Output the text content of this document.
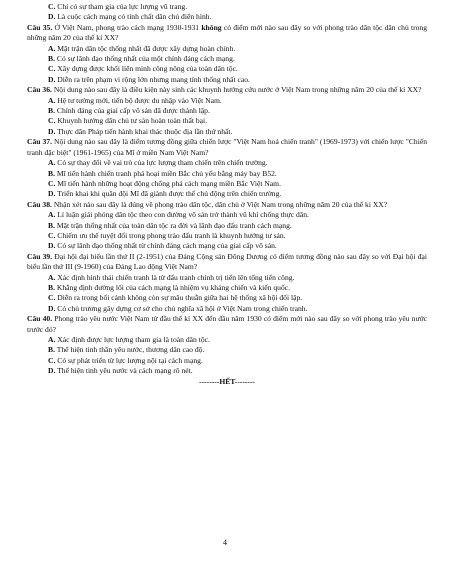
C. Chỉ có sự tham gia của lực lượng vũ trang.

D. Là cuộc cách mạng có tính chất dân chủ điển hình.

Câu 35. Ở Việt Nam, phong trào cách mạng 1930-1931 không có điểm mới nào sau đây so với phong trào dân tộc dân chủ trong những năm 20 của thế kỉ XX?

A. Mặt trận dân tộc thống nhất đã được xây dựng hoàn chỉnh.

B. Có sự lãnh đạo thống nhất của một chính đảng cách mạng.

C. Xây dựng được khối liên minh công nông của toàn dân tộc.

D. Diễn ra trên phạm vi rộng lớn nhưng mang tính thống nhất cao.

Câu 36. Nội dung nào sau đây là điều kiện này sinh các khuynh hướng cứu nước ở Việt Nam trong những năm 20 của thế kỉ XX?

A. Hệ tư tưởng mới, tiến bộ được du nhập vào Việt Nam.

B. Chính đảng của giai cấp vô sản đã được thành lập.

C. Khuynh hướng dân chủ tư sản hoàn toàn thất bại.

D. Thực dân Pháp tiến hành khai thác thuộc địa lần thứ nhất.

Câu 37. Nội dung nào sau đây là điểm tương đồng giữa chiến lược "Việt Nam hoá chiến tranh" (1969-1973) với chiến lược "Chiến tranh đặc biệt" (1961-1965) của Mĩ ở miền Nam Việt Nam?

A. Có sự thay đổi về vai trò của lực lượng tham chiến trên chiến trường.

B. Mĩ tiến hành chiến tranh phá hoại miền Bắc chủ yếu bằng máy bay B52.

C. Mĩ tiến hành những hoạt động chống phá cách mạng miền Bắc Việt Nam.

D. Triển khai khi quân đội Mĩ đã giành được thế chủ động trên chiến trường.

Câu 38. Nhận xét nào sau đây là đúng về phong trào dân tộc, dân chủ ở Việt Nam trong những năm 20 của thế kỉ XX?

A. Lí luận giải phóng dân tộc theo con đường vô sản trở thành vũ khí chống thực dân.

B. Mặt trận thống nhất của toàn dân tộc ra đời và lãnh đạo đấu tranh cách mạng.

C. Chiếm ưu thế tuyệt đối trong phong trào đấu tranh là khuynh hướng tư sản.

D. Có sự lãnh đạo thống nhất từ chính đảng cách mạng của giai cấp vô sản.

Câu 39. Đại hội đại biểu lần thứ II (2-1951) của Đảng Cộng sản Đông Dương có điểm tương đồng nào sau đây so với Đại hội đại biểu lần thứ III (9-1960) của Đảng Lao động Việt Nam?

A. Xác định hình thái chiến tranh là từ đấu tranh chính trị tiến lên tổng tiến công.

B. Khẳng định đường lối của cách mạng là nhiệm vụ kháng chiến và kiến quốc.

C. Diễn ra trong bối cảnh không còn sự mâu thuẫn giữa hai hệ thống xã hội đối lập.

D. Có chủ trương gây dựng cơ sở cho chủ nghĩa xã hội ở Việt Nam trong chiến tranh.

Câu 40. Phong trào yêu nước Việt Nam từ đầu thế kỉ XX đến đầu năm 1930 có điểm mới nào sau đây so với phong trào yêu nước trước đó?

A. Xác định được lực lượng tham gia là toàn dân tộc.

B. Thể hiện tinh thần yêu nước, thương dân cao độ.

C. Có sự phát triển từ lực lượng nội tại cách mạng.

D. Thể hiện tinh yêu nước và cách mạng rõ nét.

--------HẾT--------

4
